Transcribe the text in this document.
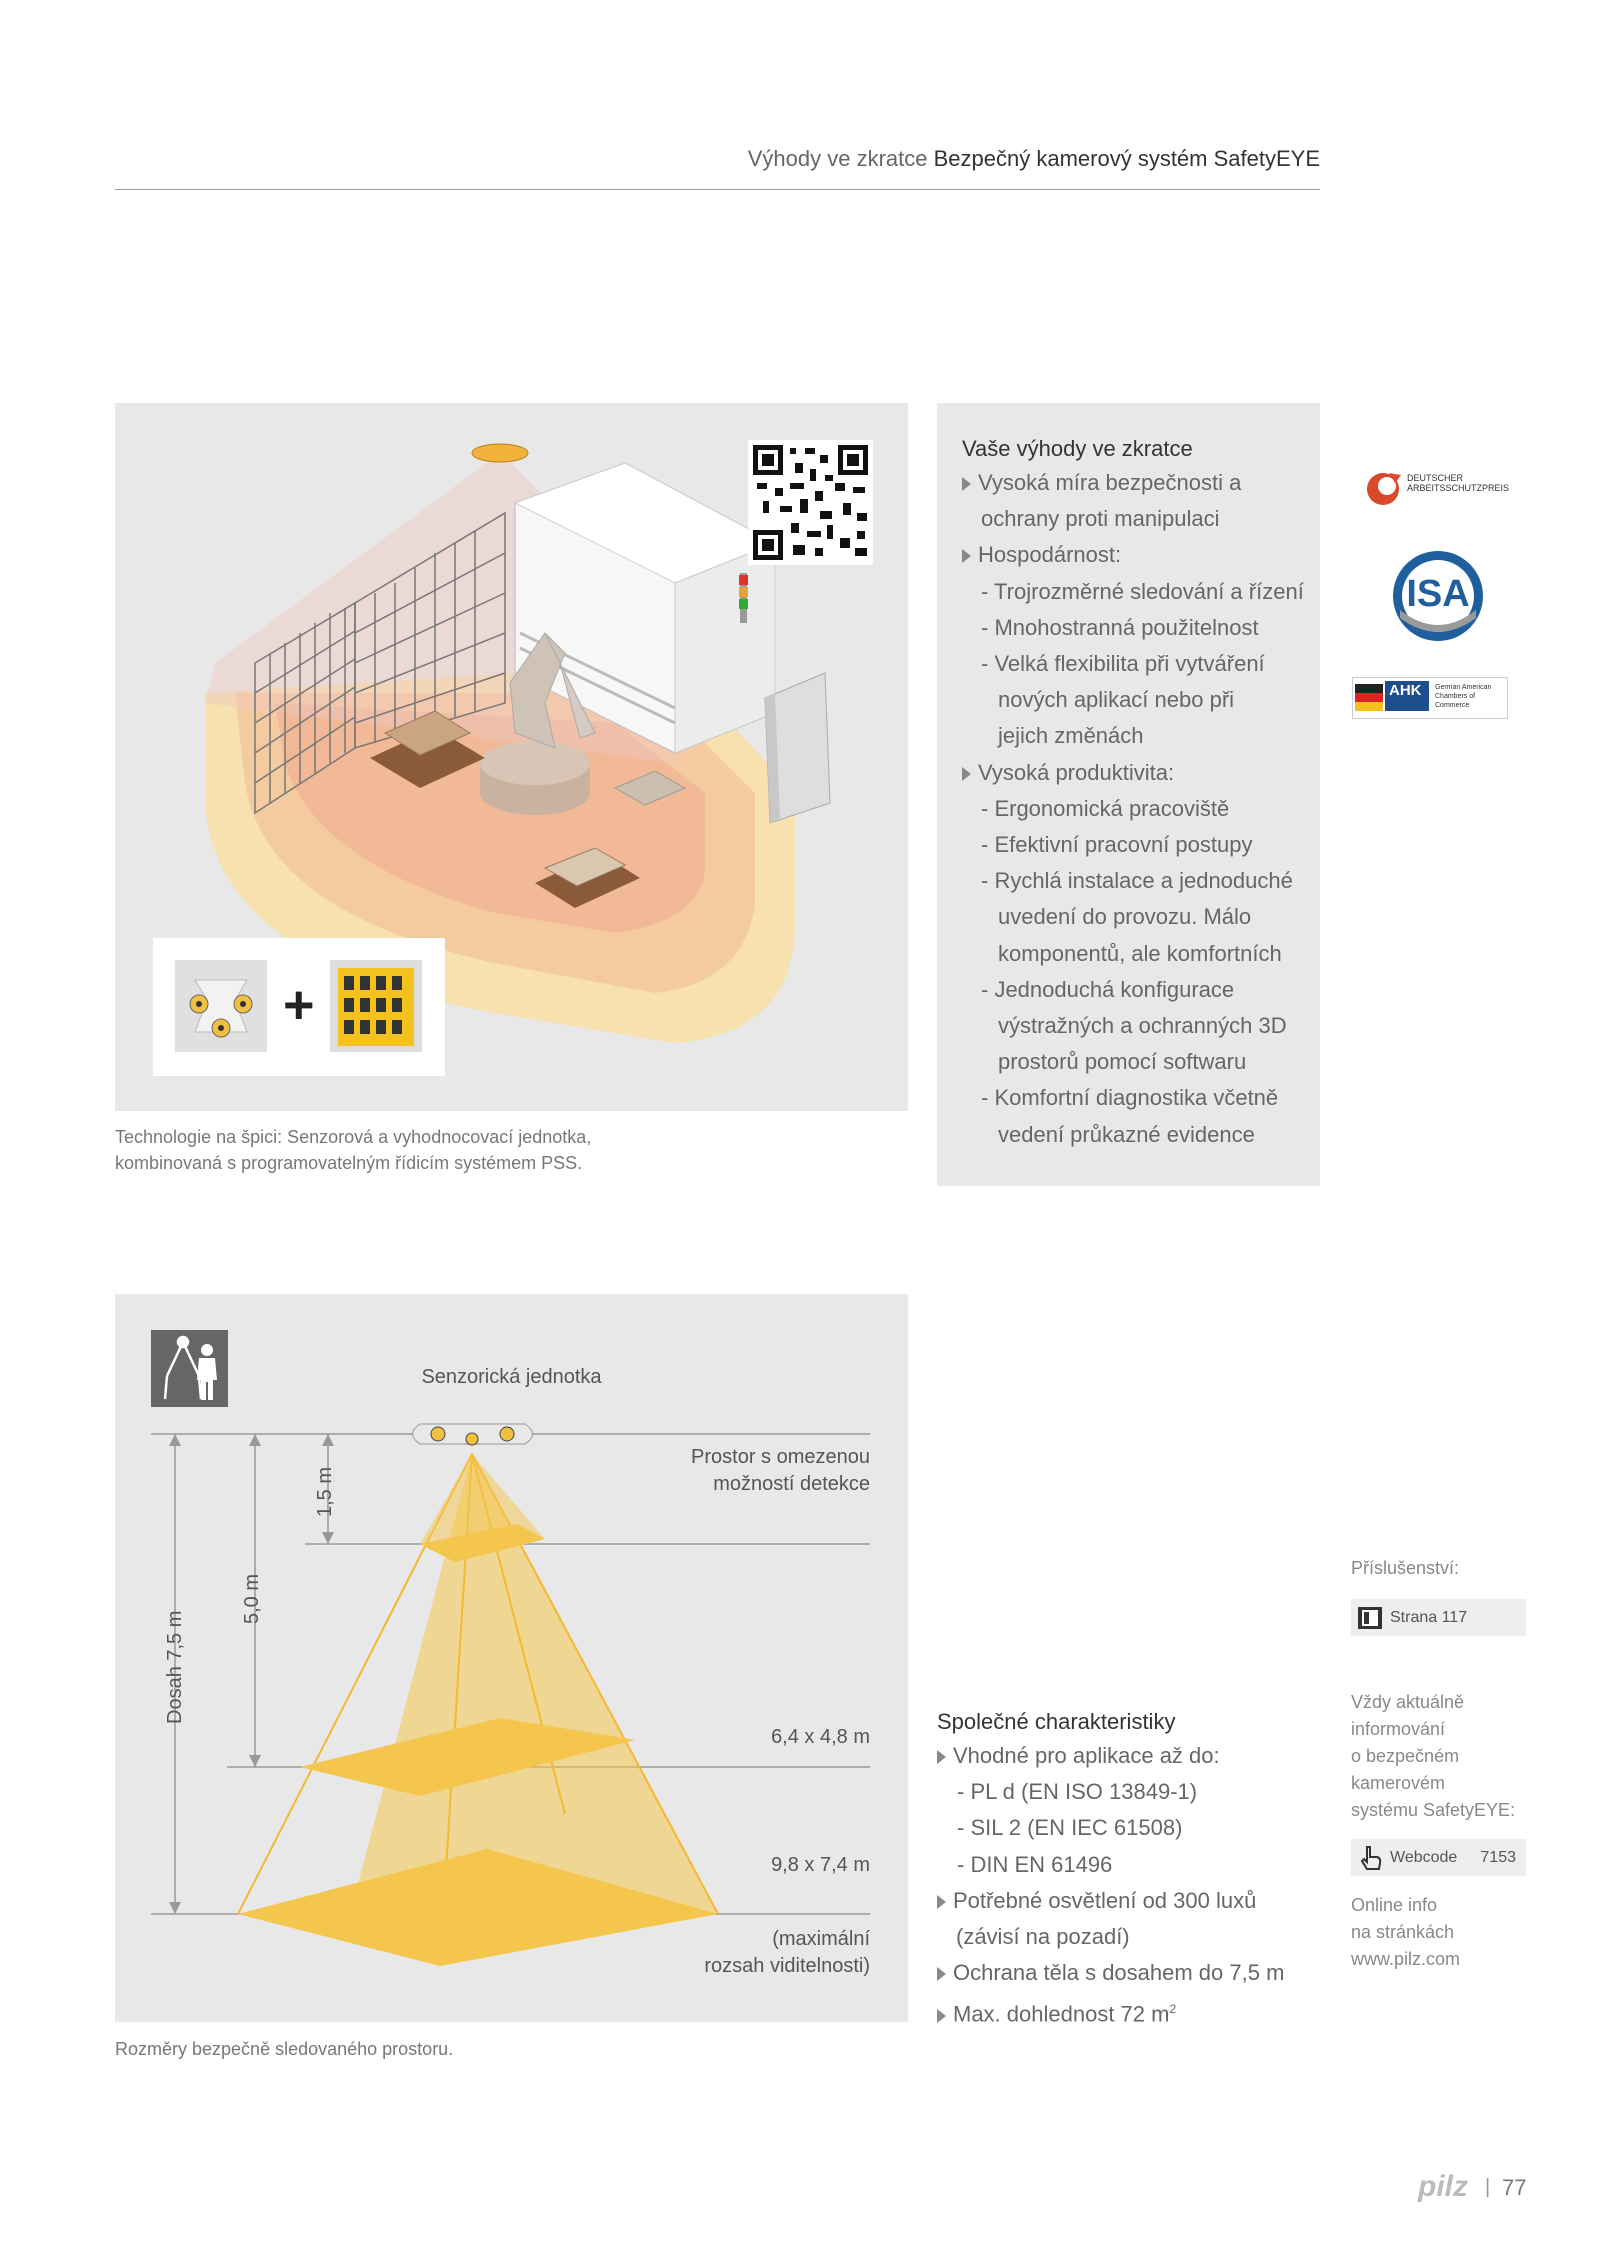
Výhody ve zkratce Bezpečný kamerový systém SafetyEYE
+
Technologie na špici: Senzorová a vyhodnocovací jednotka,
kombinovaná s programovatelným řídicím systémem PSS.
Vaše výhody ve zkratce
Vysoká míra bezpečnosti a
ochrany proti manipulaci
Hospodárnost:
- Trojrozměrné sledování a řízení
- Mnohostranná použitelnost
- Velká flexibilita při vytváření
nových aplikací nebo při
jejich změnách
Vysoká produktivita:
- Ergonomická pracoviště
- Efektivní pracovní postupy
- Rychlá instalace a jednoduché
uvedení do provozu. Málo
komponentů, ale komfortních
- Jednoduchá konfigurace
výstražných a ochranných 3D
prostorů pomocí softwaru
- Komfortní diagnostika včetně
vedení průkazné evidence
DEUTSCHER
ARBEITSSCHUTZPREIS
ISA
AHK	German American
Chambers of Commerce
Senzorická jednotka
Prostor s omezenou
možností detekce
1,5 m
5,0 m
Dosah 7,5 m
6,4 x 4,8 m
9,8 x 7,4 m
(maximální
rozsah viditelnosti)
Rozměry bezpečně sledovaného prostoru.
Společné charakteristiky
Vhodné pro aplikace až do:
- PL d (EN ISO 13849-1)
- SIL 2 (EN IEC 61508)
- DIN EN 61496
Potřebné osvětlení od 300 luxů
(závisí na pozadí)
Ochrana těla s dosahem do 7,5 m
Max. dohlednost 72 $m^2$
Příslušenství:
Strana 117
Vždy aktuálně
informování
o bezpečném
kamerovém
systému SafetyEYE:
Webcode 7153
Online info
na stránkách
www.pilz.com
pilz | 77
